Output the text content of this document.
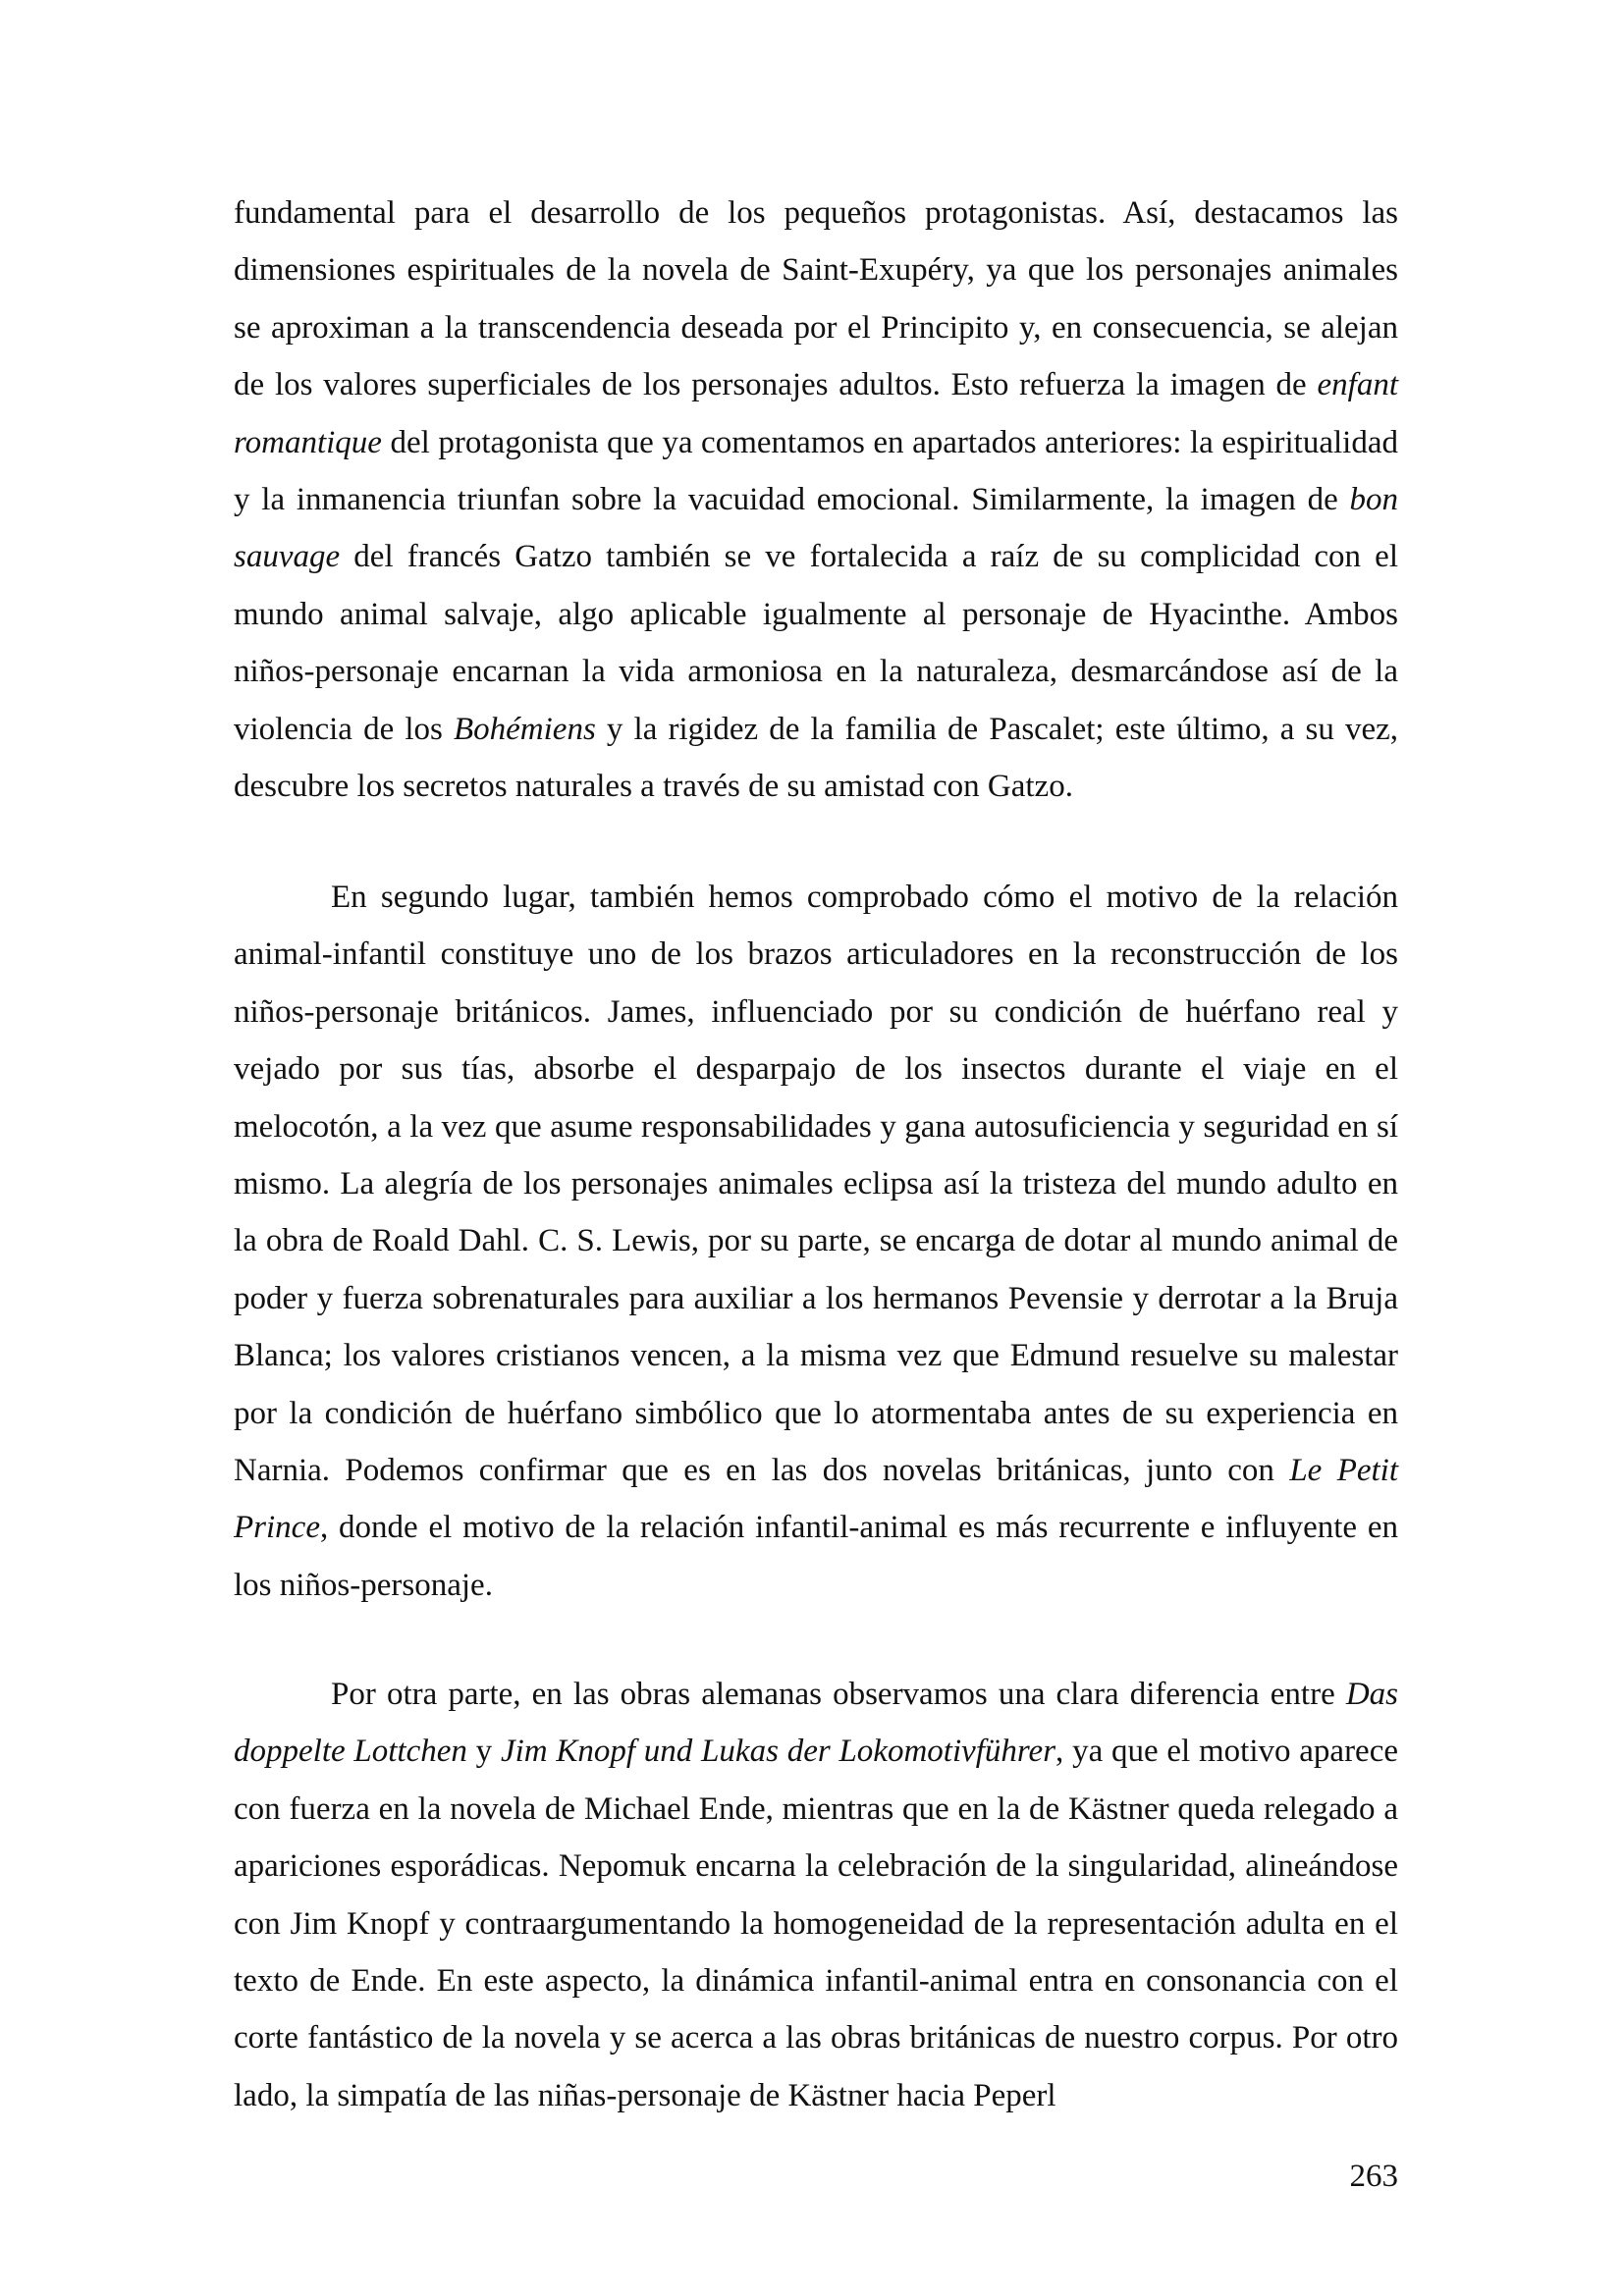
fundamental para el desarrollo de los pequeños protagonistas. Así, destacamos las dimensiones espirituales de la novela de Saint-Exupéry, ya que los personajes animales se aproximan a la transcendencia deseada por el Principito y, en consecuencia, se alejan de los valores superficiales de los personajes adultos. Esto refuerza la imagen de enfant romantique del protagonista que ya comentamos en apartados anteriores: la espiritualidad y la inmanencia triunfan sobre la vacuidad emocional. Similarmente, la imagen de bon sauvage del francés Gatzo también se ve fortalecida a raíz de su complicidad con el mundo animal salvaje, algo aplicable igualmente al personaje de Hyacinthe. Ambos niños-personaje encarnan la vida armoniosa en la naturaleza, desmarcándose así de la violencia de los Bohémiens y la rigidez de la familia de Pascalet; este último, a su vez, descubre los secretos naturales a través de su amistad con Gatzo.

En segundo lugar, también hemos comprobado cómo el motivo de la relación animal-infantil constituye uno de los brazos articuladores en la reconstrucción de los niños-personaje británicos. James, influenciado por su condición de huérfano real y vejado por sus tías, absorbe el desparpajo de los insectos durante el viaje en el melocotón, a la vez que asume responsabilidades y gana autosuficiencia y seguridad en sí mismo. La alegría de los personajes animales eclipsa así la tristeza del mundo adulto en la obra de Roald Dahl. C. S. Lewis, por su parte, se encarga de dotar al mundo animal de poder y fuerza sobrenaturales para auxiliar a los hermanos Pevensie y derrotar a la Bruja Blanca; los valores cristianos vencen, a la misma vez que Edmund resuelve su malestar por la condición de huérfano simbólico que lo atormentaba antes de su experiencia en Narnia. Podemos confirmar que es en las dos novelas británicas, junto con Le Petit Prince, donde el motivo de la relación infantil-animal es más recurrente e influyente en los niños-personaje.

Por otra parte, en las obras alemanas observamos una clara diferencia entre Das doppelte Lottchen y Jim Knopf und Lukas der Lokomotivführer, ya que el motivo aparece con fuerza en la novela de Michael Ende, mientras que en la de Kästner queda relegado a apariciones esporádicas. Nepomuk encarna la celebración de la singularidad, alineándose con Jim Knopf y contraargumentando la homogeneidad de la representación adulta en el texto de Ende. En este aspecto, la dinámica infantil-animal entra en consonancia con el corte fantástico de la novela y se acerca a las obras británicas de nuestro corpus. Por otro lado, la simpatía de las niñas-personaje de Kästner hacia Peperl

263
